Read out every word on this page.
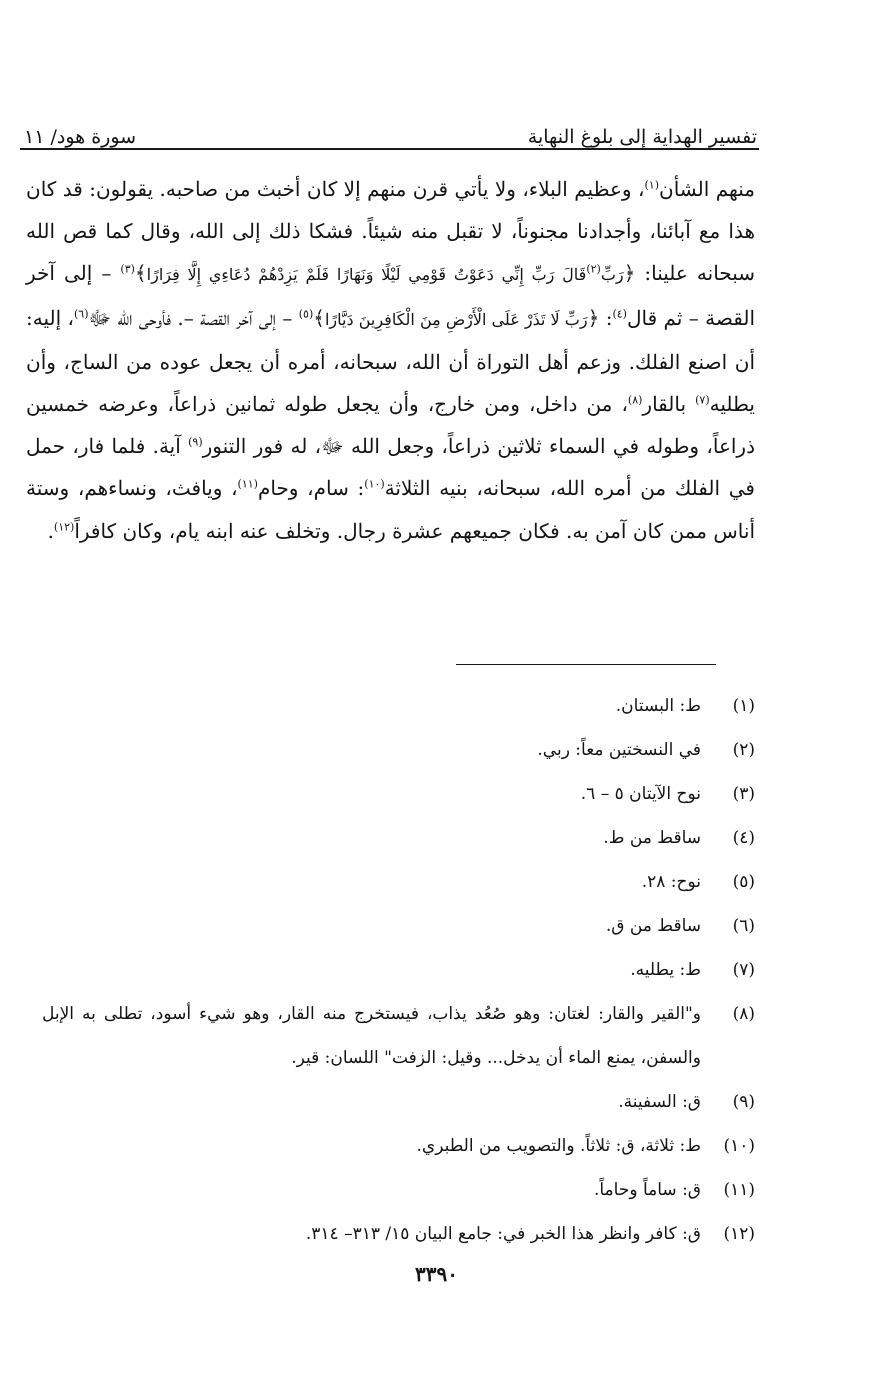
تفسير الهداية إلى بلوغ النهاية
سورة هود/ ١١

منهم الشأن$^{(١)}$، وعظيم البلاء، ولا يأتي قرن منهم إلا كان أخبث من صاحبه. يقولون: قد كان هذا مع آبائنا، وأجدادنا مجنوناً، لا تقبل منه شيئاً. فشكا ذلك إلى الله، وقال كما قص الله سبحانه علينا: ﴿رَبِّ$^{(٢)}$قَالَ رَبِّ إِنِّي دَعَوْتُ قَوْمِي لَيْلًا وَنَهَارًا فَلَمْ يَزِدْهُمْ دُعَاءِي إِلَّا فِرَارًا﴾$^{(٣)}$ – إلى آخر القصة – ثم قال$^{(٤)}$: ﴿رَبِّ لَا تَذَرْ عَلَى الْأَرْضِ مِنَ الْكَافِرِينَ دَيَّارًا﴾$^{(٥)}$ – إلى آخر القصة –. فأوحى الله ﷻ$^{(٦)}$، إليه: أن اصنع الفلك. وزعم أهل التوراة أن الله، سبحانه، أمره أن يجعل عوده من الساج، وأن يطليه$^{(٧)}$ بالقار$^{(٨)}$، من داخل، ومن خارج، وأن يجعل طوله ثمانين ذراعاً، وعرضه خمسين ذراعاً، وطوله في السماء ثلاثين ذراعاً، وجعل الله ﷻ، له فور التنور$^{(٩)}$ آية. فلما فار، حمل في الفلك من أمره الله، سبحانه، بنيه الثلاثة$^{(١٠)}$: سام، وحام$^{(١١)}$، ويافث، ونساءهم، وستة أناس ممن كان آمن به. فكان جميعهم عشرة رجال. وتخلف عنه ابنه يام، وكان كافراً$^{(١٢)}$.

(١)
ط: البستان.
(٢)
في النسختين معاً: ربي.
(٣)
نوح الآيتان ٥ – ٦.
(٤)
ساقط من ط.
(٥)
نوح: ٢٨.
(٦)
ساقط من ق.
(٧)
ط: يطليه.
(٨)
و"القير والقار: لغتان: وهو صُعُد يذاب، فيستخرج منه القار، وهو شيء أسود، تطلى به الإبل والسفن، يمنع الماء أن يدخل... وقيل: الزفت" اللسان: قير.
(٩)
ق: السفينة.
(١٠)
ط: ثلاثة، ق: ثلاثاً. والتصويب من الطبري.
(١١)
ق: ساماً وحاماً.
(١٢)
ق: كافر وانظر هذا الخبر في: جامع البيان ١٥/ ٣١٣– ٣١٤.
٣٣٩٠
